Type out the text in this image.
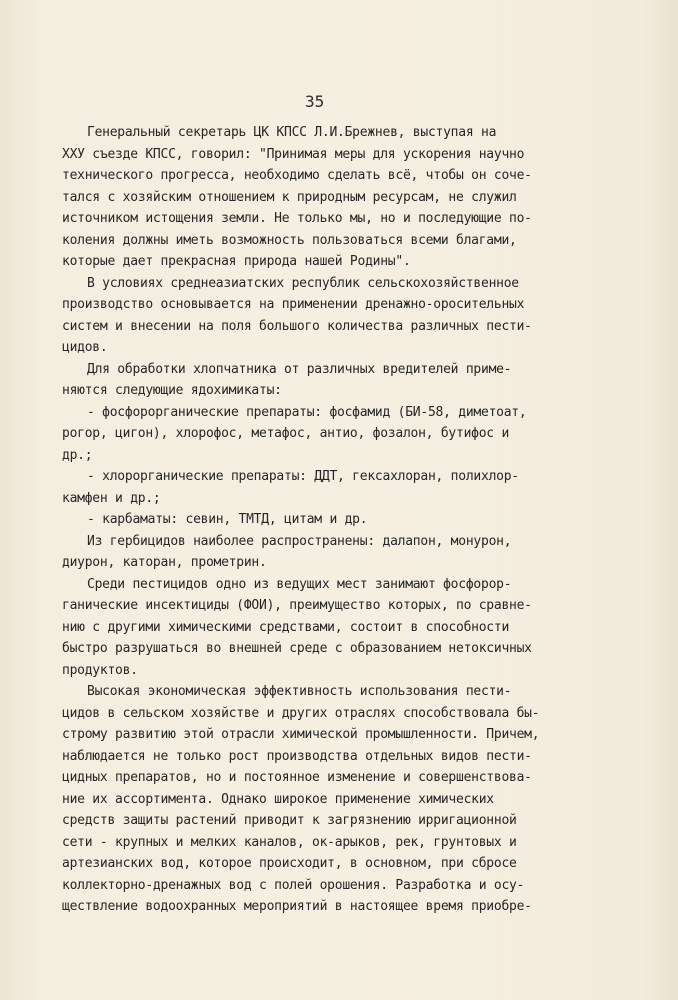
35
Генеральный секретарь ЦК КПСС Л.И.Брежнев, выступая на
XXУ съезде КПСС, говорил: "Принимая меры для ускорения научно
технического прогресса, необходимо сделать всё, чтобы он соче-
тался с хозяйским отношением к природным ресурсам, не служил
источником истощения земли. Не только мы, но и последующие по-
коления должны иметь возможность пользоваться всеми благами,
которые дает прекрасная природа нашей Родины".
В условиях среднеазиатских республик сельскохозяйственное
производство основывается на применении дренажно-оросительных
систем и внесении на поля большого количества различных пести-
цидов.
Для обработки хлопчатника от различных вредителей приме-
няются следующие ядохимикаты:
- фосфорорганические препараты: фосфамид (БИ-58, диметоат,
рогор, цигон), хлорофос, метафос, антио, фозалон, бутифос и
др.;
- хлорорганические препараты: ДДТ, гексахлоран, полихлор-
камфен и др.;
- карбаматы: севин, ТМТД, цитам и др.
Из гербицидов наиболее распространены: далапон, монурон,
диурон, каторан, прометрин.
Среди пестицидов одно из ведущих мест занимают фосфорор-
ганические инсектициды (ФОИ), преимущество которых, по сравне-
нию с другими химическими средствами, состоит в способности
быстро разрушаться во внешней среде с образованием нетоксичных
продуктов.
Высокая экономическая эффективность использования пести-
цидов в сельском хозяйстве и других отраслях способствовала бы-
строму развитию этой отрасли химической промышленности. Причем,
наблюдается не только рост производства отдельных видов пести-
цидных препаратов, но и постоянное изменение и совершенствова-
ние их ассортимента. Однако широкое применение химических
средств защиты растений приводит к загрязнению ирригационной
сети - крупных и мелких каналов, ок-арыков, рек, грунтовых и
артезианских вод, которое происходит, в основном, при сбросе
коллекторно-дренажных вод с полей орошения. Разработка и осу-
ществление водоохранных мероприятий в настоящее время приобре-
